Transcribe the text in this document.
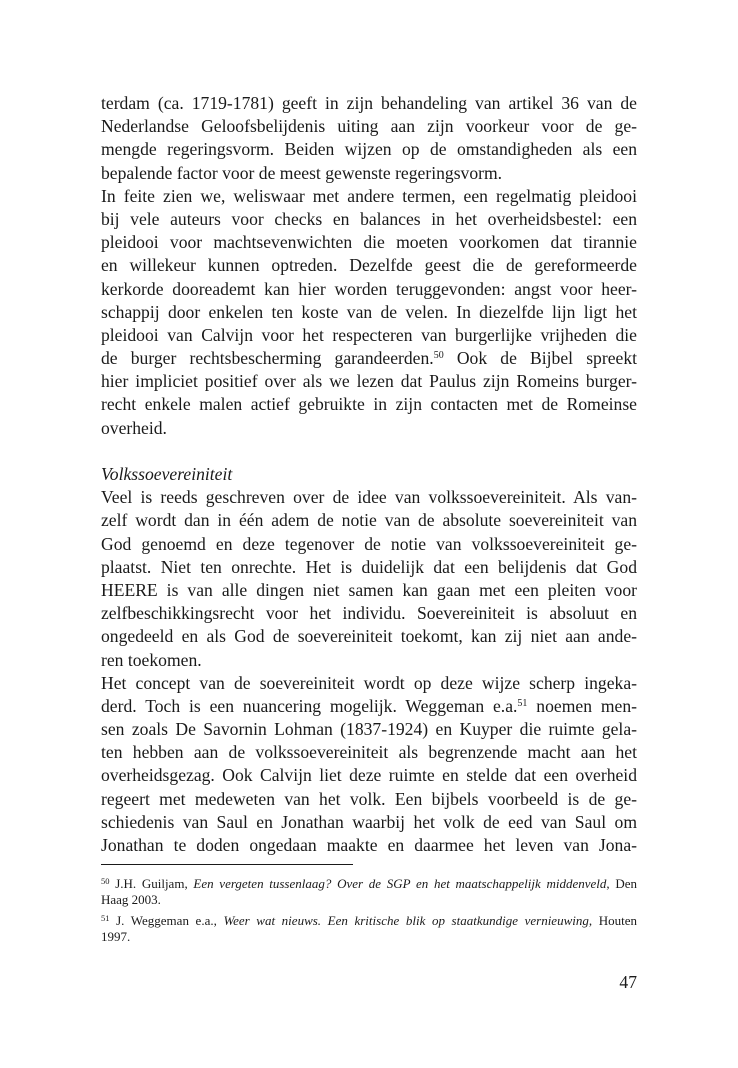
terdam (ca. 1719-1781) geeft in zijn behandeling van artikel 36 van de
Nederlandse Geloofsbelijdenis uiting aan zijn voorkeur voor de ge-
mengde regeringsvorm. Beiden wijzen op de omstandigheden als een
bepalende factor voor de meest gewenste regeringsvorm.
In feite zien we, weliswaar met andere termen, een regelmatig pleidooi
bij vele auteurs voor checks en balances in het overheidsbestel: een
pleidooi voor machtsevenwichten die moeten voorkomen dat tirannie
en willekeur kunnen optreden. Dezelfde geest die de gereformeerde
kerkorde dooreademt kan hier worden teruggevonden: angst voor heer-
schappij door enkelen ten koste van de velen. In diezelfde lijn ligt het
pleidooi van Calvijn voor het respecteren van burgerlijke vrijheden die
de burger rechtsbescherming garandeerden.$^{50}$ Ook de Bijbel spreekt
hier impliciet positief over als we lezen dat Paulus zijn Romeins burger-
recht enkele malen actief gebruikte in zijn contacten met de Romeinse
overheid.
Volkssoevereiniteit
Veel is reeds geschreven over de idee van volkssoevereiniteit. Als van-
zelf wordt dan in één adem de notie van de absolute soevereiniteit van
God genoemd en deze tegenover de notie van volkssoevereiniteit ge-
plaatst. Niet ten onrechte. Het is duidelijk dat een belijdenis dat God
HEERE is van alle dingen niet samen kan gaan met een pleiten voor
zelfbeschikkingsrecht voor het individu. Soevereiniteit is absoluut en
ongedeeld en als God de soevereiniteit toekomt, kan zij niet aan ande-
ren toekomen.
Het concept van de soevereiniteit wordt op deze wijze scherp ingeka-
derd. Toch is een nuancering mogelijk. Weggeman e.a.$^{51}$ noemen men-
sen zoals De Savornin Lohman (1837-1924) en Kuyper die ruimte gela-
ten hebben aan de volkssoevereiniteit als begrenzende macht aan het
overheidsgezag. Ook Calvijn liet deze ruimte en stelde dat een overheid
regeert met medeweten van het volk. Een bijbels voorbeeld is de ge-
schiedenis van Saul en Jonathan waarbij het volk de eed van Saul om
Jonathan te doden ongedaan maakte en daarmee het leven van Jona-
$^{50}$ J.H. Guiljam, Een vergeten tussenlaag? Over de SGP en het maatschappelijk middenveld, Den
Haag 2003.
$^{51}$ J. Weggeman e.a., Weer wat nieuws. Een kritische blik op staatkundige vernieuwing, Houten
1997.
47
